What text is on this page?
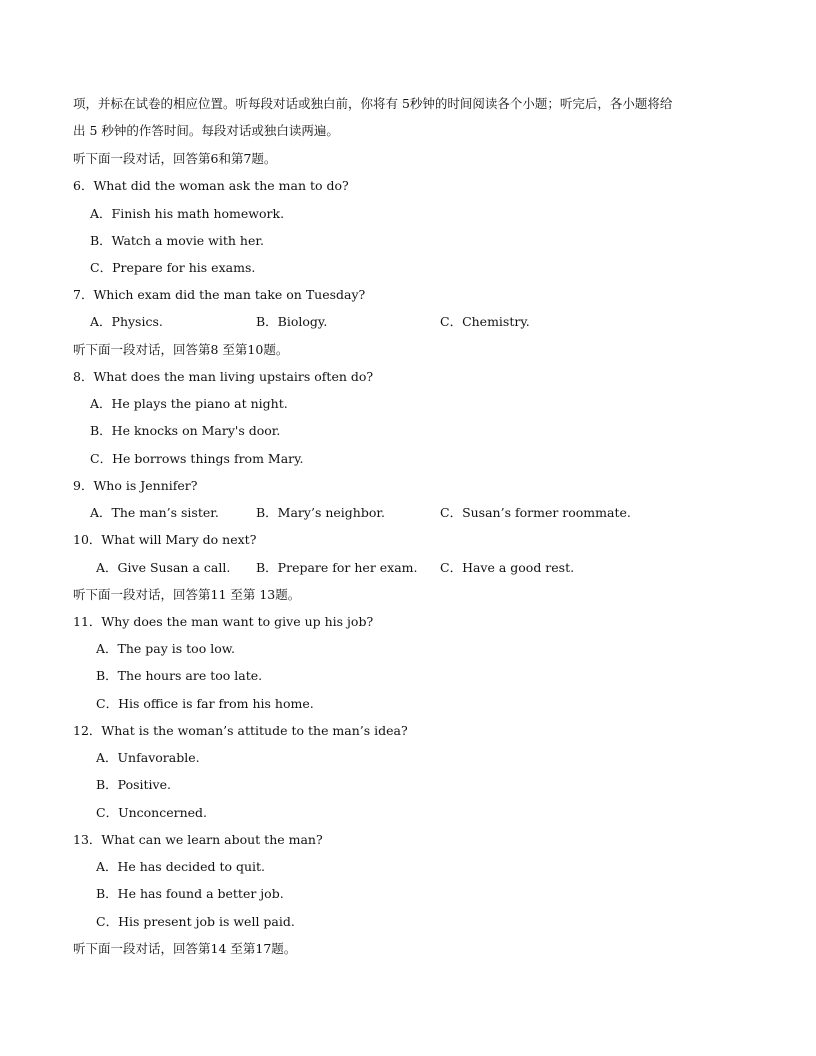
项，并标在试卷的相应位置。听每段对话或独白前，你将有 5秒钟的时间阅读各个小题；听完后，各小题将给
出 5 秒钟的作答时间。每段对话或独白读两遍。
听下面一段对话，回答第6和第7题。
6．What did the woman ask the man to do?
A．Finish his math homework.
B．Watch a movie with her.
C．Prepare for his exams.
7．Which exam did the man take on Tuesday?
A．Physics.	B．Biology.	C．Chemistry.
听下面一段对话，回答第8 至第10题。
8．What does the man living upstairs often do?
A．He plays the piano at night.
B．He knocks on Mary's door.
C．He borrows things from Mary.
9．Who is Jennifer?
A．The man’s sister.	B．Mary’s neighbor.	C．Susan’s former roommate.
10．What will Mary do next?
A．Give Susan a call. B．Prepare for her exam. C．Have a good rest.
听下面一段对话，回答第11 至第 13题。
11．Why does the man want to give up his job?
A．The pay is too low.
B．The hours are too late.
C．His office is far from his home.
12．What is the woman’s attitude to the man’s idea?
A．Unfavorable.
B．Positive.
C．Unconcerned.
13．What can we learn about the man?
A．He has decided to quit.
B．He has found a better job.
C．His present job is well paid.
听下面一段对话，回答第14 至第17题。
